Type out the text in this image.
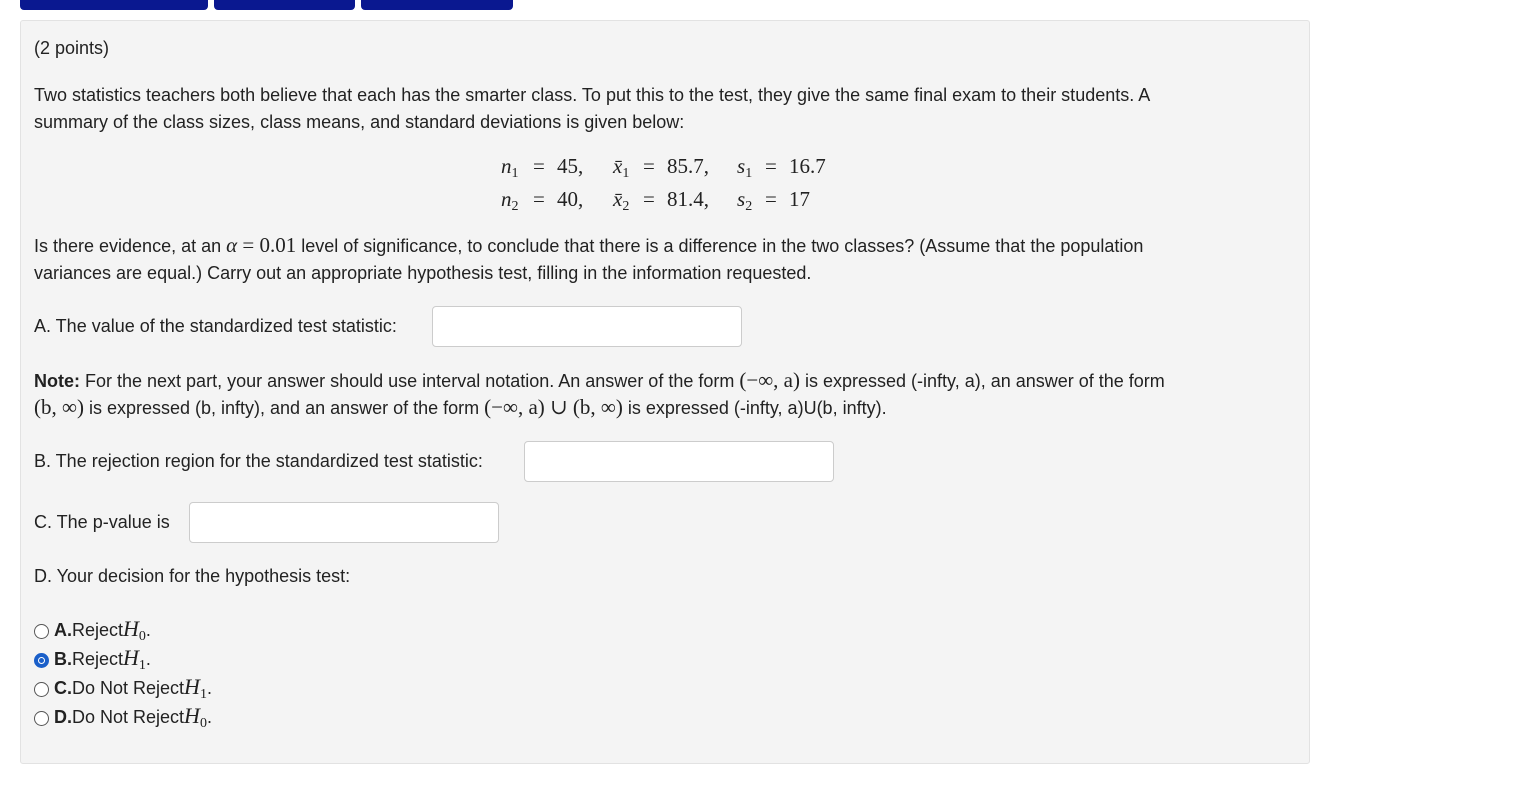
(2 points)
Two statistics teachers both believe that each has the smarter class. To put this to the test, they give the same final exam to their students. A
summary of the class sizes, class means, and standard deviations is given below:
$n_1 = 45$, $x̄_1 = 85.7$, $s_1 = 16.7$
$n_2 = 40$, $x̄_2 = 81.4$, $s_2 = 17$
Is there evidence, at an α = 0.01 level of significance, to conclude that there is a difference in the two classes? (Assume that the population
variances are equal.) Carry out an appropriate hypothesis test, filling in the information requested.
A. The value of the standardized test statistic:
Note: For the next part, your answer should use interval notation. An answer of the form (−∞, a) is expressed (-infty, a), an answer of the form
(b, ∞) is expressed (b, infty), and an answer of the form (−∞, a) ∪ (b, ∞) is expressed (-infty, a)U(b, infty).
B. The rejection region for the standardized test statistic:
C. The p-value is
D. Your decision for the hypothesis test:
A. Reject $H_0$ .
B. Reject $H_1$ .
C. Do Not Reject $H_1$ .
D. Do Not Reject $H_0$ .
